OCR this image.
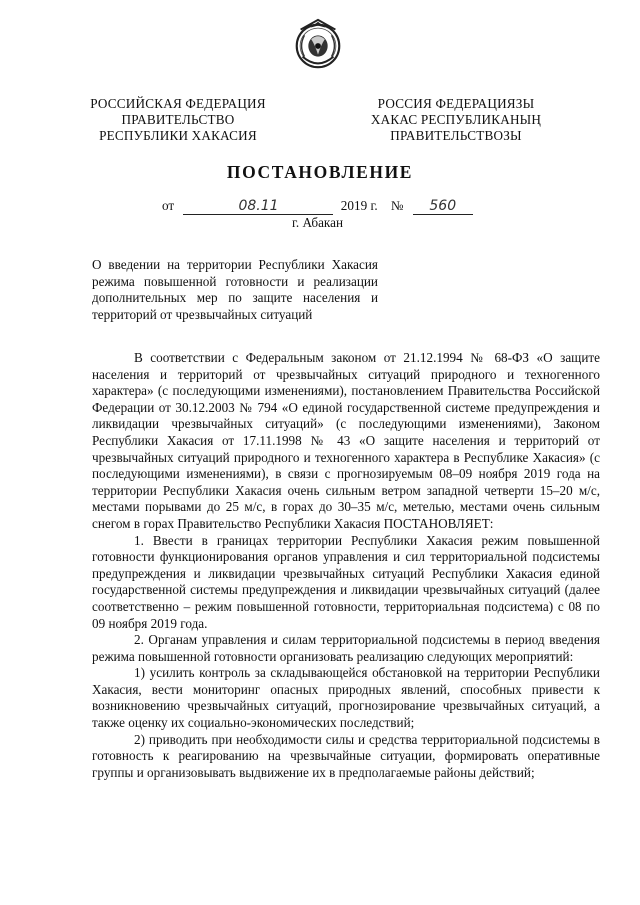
РОССИЙСКАЯ ФЕДЕРАЦИЯ
ПРАВИТЕЛЬСТВО
РЕСПУБЛИКИ ХАКАСИЯ
РОССИЯ ФЕДЕРАЦИЯЗЫ
ХАКАС РЕСПУБЛИКАНЫҢ
ПРАВИТЕЛЬСТВОЗЫ
ПОСТАНОВЛЕНИЕ
от	08.11	2019 г. № 560
г. Абакан
О введении на территории Республики Хакасия режима повышенной готовности и реализации дополнительных мер по защите населения и территорий от чрезвычайных ситуаций

В соответствии с Федеральным законом от 21.12.1994 № 68-ФЗ «О защите населения и территорий от чрезвычайных ситуаций природного и техногенного характера» (с последующими изменениями), постановлением Правительства Российской Федерации от 30.12.2003 № 794 «О единой государственной системе предупреждения и ликвидации чрезвычайных ситуаций» (с последующими изменениями), Законом Республики Хакасия от 17.11.1998 № 43 «О защите населения и территорий от чрезвычайных ситуаций природного и техногенного характера в Республике Хакасия» (с последующими изменениями), в связи с прогнозируемым 08–09 ноября 2019 года на территории Республики Хакасия очень сильным ветром западной четверти 15–20 м/с, местами порывами до 25 м/с, в горах до 30–35 м/с, метелью, местами очень сильным снегом в горах Правительство Республики Хакасия ПОСТАНОВЛЯЕТ:

1. Ввести в границах территории Республики Хакасия режим повышенной готовности функционирования органов управления и сил территориальной подсистемы предупреждения и ликвидации чрезвычайных ситуаций Республики Хакасия единой государственной системы предупреждения и ликвидации чрезвычайных ситуаций (далее соответственно – режим повышенной готовности, территориальная подсистема) с 08 по 09 ноября 2019 года.

2. Органам управления и силам территориальной подсистемы в период введения режима повышенной готовности организовать реализацию следующих мероприятий:

1) усилить контроль за складывающейся обстановкой на территории Республики Хакасия, вести мониторинг опасных природных явлений, способных привести к возникновению чрезвычайных ситуаций, прогнозирование чрезвычайных ситуаций, а также оценку их социально-экономических последствий;

2) приводить при необходимости силы и средства территориальной подсистемы в готовность к реагированию на чрезвычайные ситуации, формировать оперативные группы и организовывать выдвижение их в предполагаемые районы действий;
